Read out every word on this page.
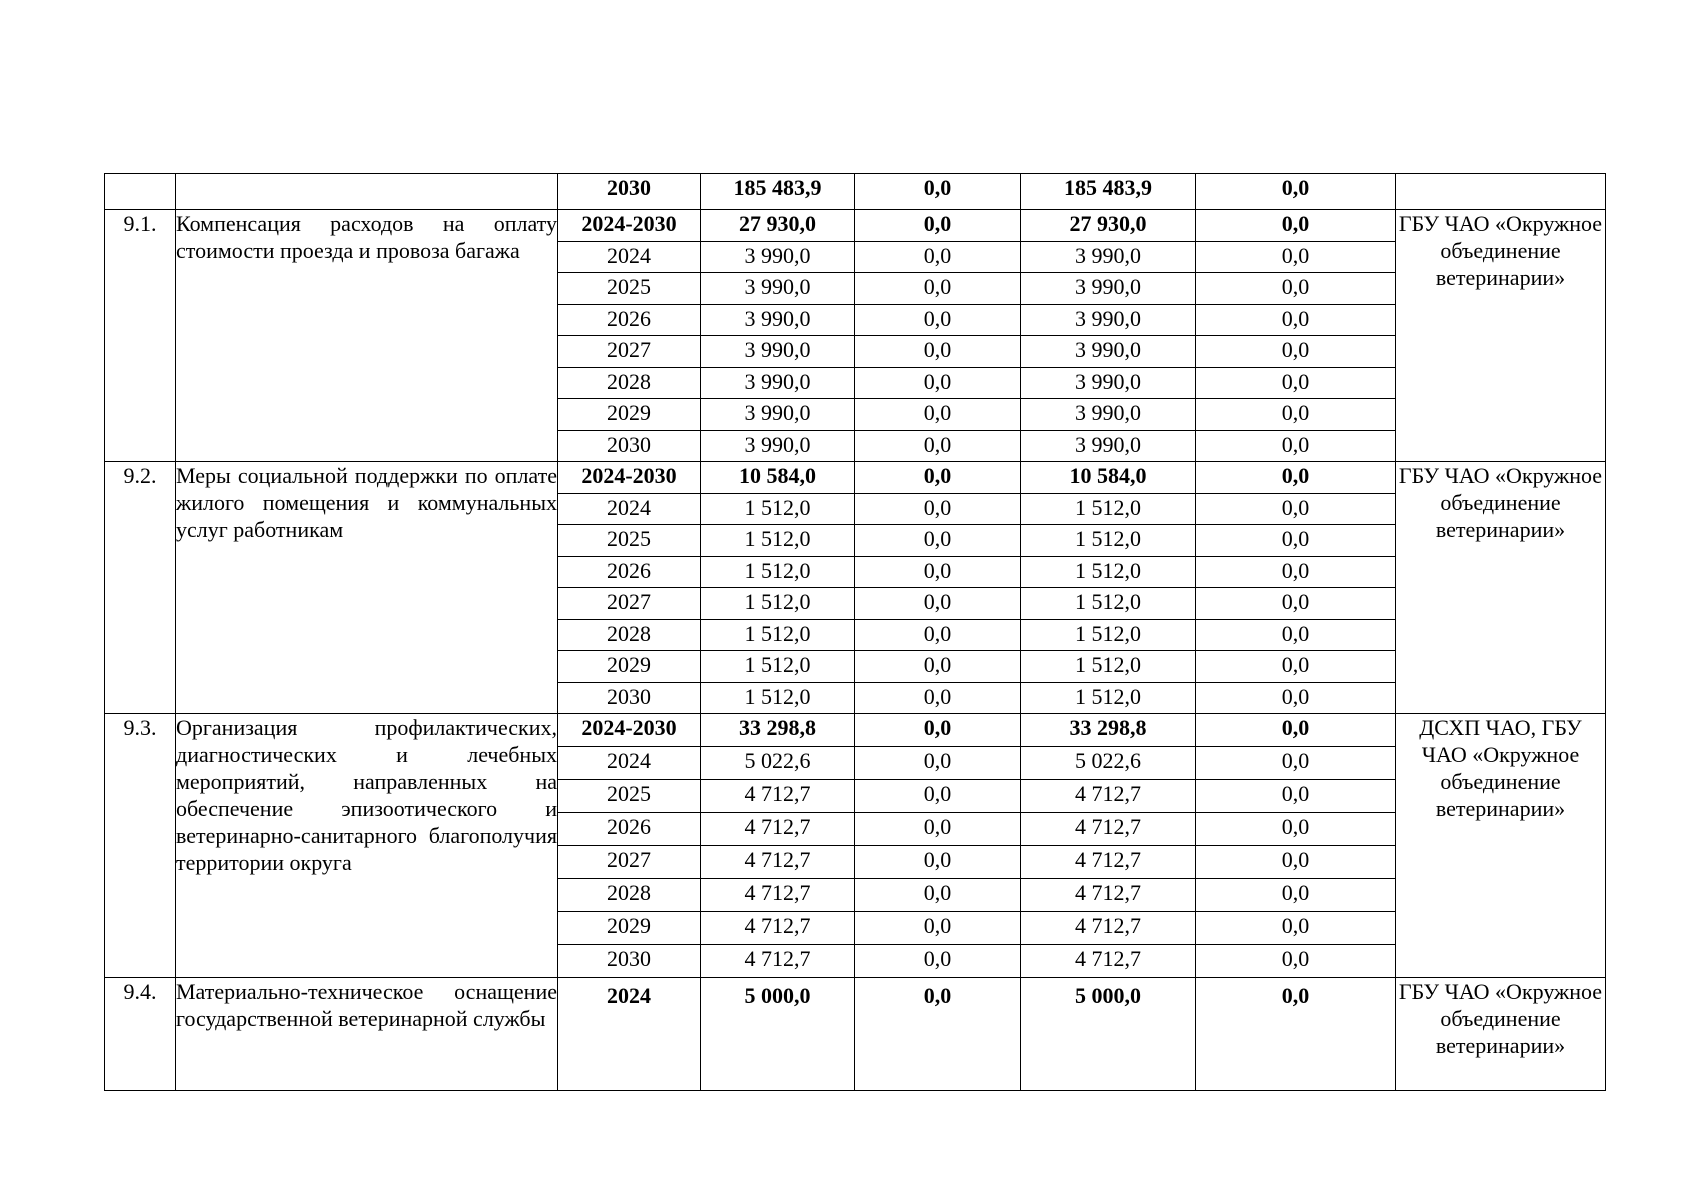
		2030	185 483,9	0,0	185 483,9	0,0	
9.1.	Компенсация расходов на оплату стоимости проезда и провоза багажа	2024-2030	27 930,0	0,0	27 930,0	0,0	ГБУ ЧАО «Окружное объединение ветеринарии»
		2024	3 990,0	0,0	3 990,0	0,0	
		2025	3 990,0	0,0	3 990,0	0,0	
		2026	3 990,0	0,0	3 990,0	0,0	
		2027	3 990,0	0,0	3 990,0	0,0	
		2028	3 990,0	0,0	3 990,0	0,0	
		2029	3 990,0	0,0	3 990,0	0,0	
		2030	3 990,0	0,0	3 990,0	0,0	
9.2.	Меры социальной поддержки по оплате жилого помещения и коммунальных услуг работникам	2024-2030	10 584,0	0,0	10 584,0	0,0	ГБУ ЧАО «Окружное объединение ветеринарии»
		2024	1 512,0	0,0	1 512,0	0,0	
		2025	1 512,0	0,0	1 512,0	0,0	
		2026	1 512,0	0,0	1 512,0	0,0	
		2027	1 512,0	0,0	1 512,0	0,0	
		2028	1 512,0	0,0	1 512,0	0,0	
		2029	1 512,0	0,0	1 512,0	0,0	
		2030	1 512,0	0,0	1 512,0	0,0	
9.3.	Организация профилактических, диагностических и лечебных мероприятий, направленных на обеспечение эпизоотического и ветеринарно-санитарного благополучия территории округа	2024-2030	33 298,8	0,0	33 298,8	0,0	ДСХП ЧАО, ГБУ ЧАО «Окружное объединение ветеринарии»
		2024	5 022,6	0,0	5 022,6	0,0	
		2025	4 712,7	0,0	4 712,7	0,0	
		2026	4 712,7	0,0	4 712,7	0,0	
		2027	4 712,7	0,0	4 712,7	0,0	
		2028	4 712,7	0,0	4 712,7	0,0	
		2029	4 712,7	0,0	4 712,7	0,0	
		2030	4 712,7	0,0	4 712,7	0,0	
9.4.	Материально-техническое оснащение государственной ветеринарной службы	2024	5 000,0	0,0	5 000,0	0,0	ГБУ ЧАО «Окружное объединение ветеринарии»
